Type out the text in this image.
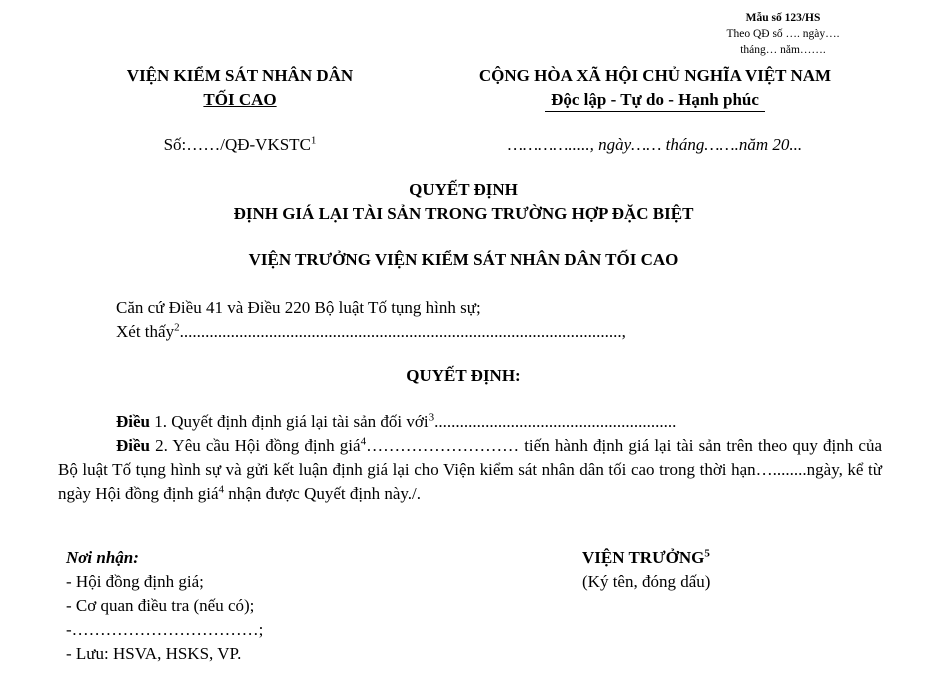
Mẫu số 123/HS
Theo QĐ số …. ngày….
tháng… năm…….
VIỆN KIỂM SÁT NHÂN DÂN
TỐI CAO
CỘNG HÒA XÃ HỘI CHỦ NGHĨA VIỆT NAM
Độc lập - Tự do - Hạnh phúc
Số:……/QĐ-VKSTC$^1$	…………....., ngày…… tháng…….năm 20...
QUYẾT ĐỊNH
ĐỊNH GIÁ LẠI TÀI SẢN TRONG TRƯỜNG HỢP ĐẶC BIỆT
VIỆN TRƯỞNG VIỆN KIỂM SÁT NHÂN DÂN TỐI CAO
Căn cứ Điều 41 và Điều 220 Bộ luật Tố tụng hình sự;
Xét thấy$^2$........................................................................................................,
QUYẾT ĐỊNH:

Điều 1. Quyết định định giá lại tài sản đối với$^3$.........................................................

Điều 2. Yêu cầu Hội đồng định giá$^4$……………………… tiến hành định giá lại tài sản trên theo quy định của Bộ luật Tố tụng hình sự và gửi kết luận định giá lại cho Viện kiểm sát nhân dân tối cao trong thời hạn…........ngày, kể từ ngày Hội đồng định giá$^4$ nhận được Quyết định này./.

Nơi nhận:
- Hội đồng định giá;
- Cơ quan điều tra (nếu có);
-……………………………;
- Lưu: HSVA, HSKS, VP.
VIỆN TRƯỞNG$^5$
(Ký tên, đóng dấu)
